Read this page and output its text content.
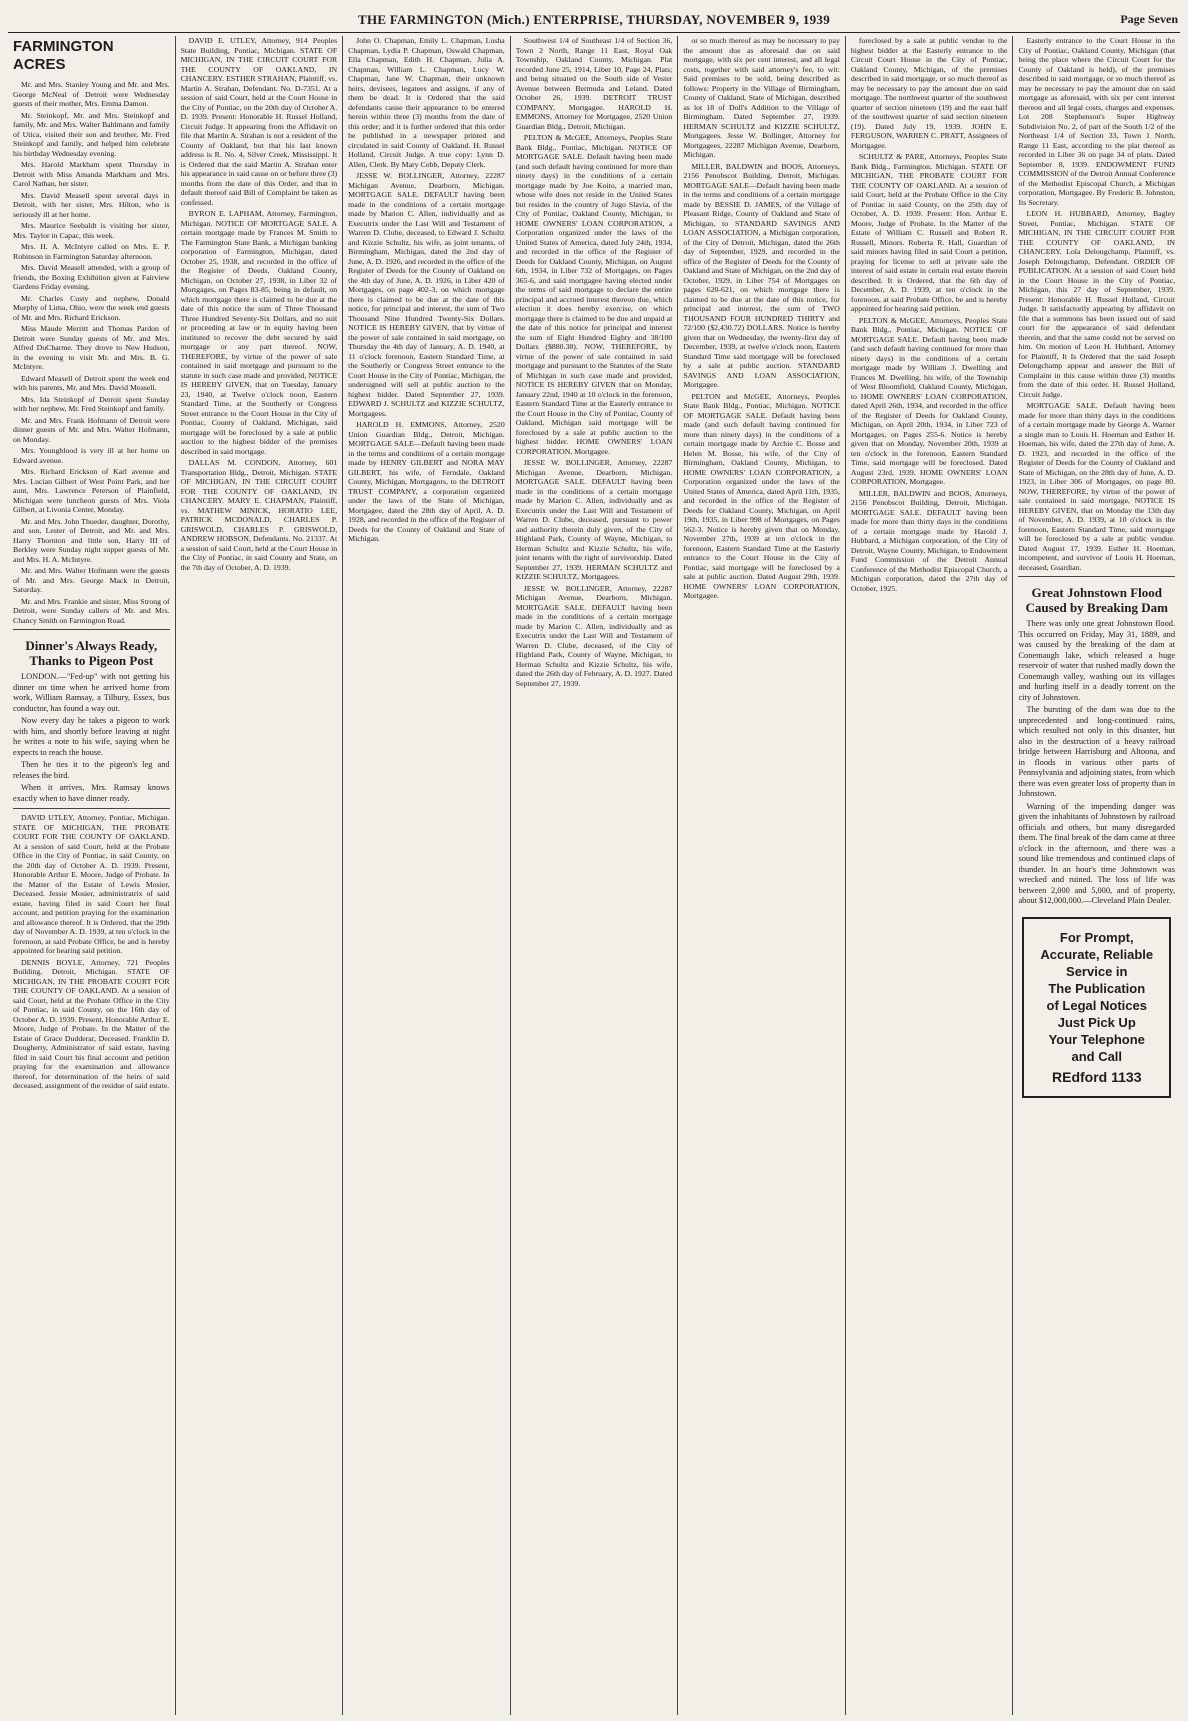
THE FARMINGTON (Mich.) ENTERPRISE, THURSDAY, NOVEMBER 9, 1939	Page Seven
FARMINGTON ACRES

Mr. and Mrs. Stanley Young and Mr. and Mrs. George McNeal of Detroit were Wednesday guests of their mother, Mrs. Emma Damon.

Mr. Steinkopf, Mr. and Mrs. Steinkopf and family, Mr. and Mrs. Walter Bahlmann and family of Utica, visited their son and brother, Mr. Fred Steinkopf and family, and helped him celebrate his birthday Wednesday evening.

Mrs. Harold Markham spent Thursday in Detroit with Miss Amanda Markham and Mrs. Carol Nathan, her sister.

Mrs. David Measell spent several days in Detroit, with her sister, Mrs. Hilton, who is seriously ill at her home.

Mrs. Maurice Seebaldt is visiting her sister, Mrs. Taylor in Capac, this week.

Mrs. H. A. McIntyre called on Mrs. E. P. Robinson in Farmington Saturday afternoon.

Mrs. David Measell attended, with a group of friends, the Boxing Exhibition given at Fairview Gardens Friday evening.

Mr. Charles Custy and nephew, Donald Murphy of Lima, Ohio, were the week end guests of Mr. and Mrs. Richard Erickson.

Miss Maude Merritt and Thomas Pardon of Detroit were Sunday guests of Mr. and Mrs. Alfred DuCharme. They drove to New Hudson, in the evening to visit Mr. and Mrs. B. G. McIntyre.

Edward Measell of Detroit spent the week end with his parents, Mr. and Mrs. David Measell.

Mrs. Ida Steinkopf of Detroit spent Sunday with her nephew, Mr. Fred Steinkopf and family.

Mr. and Mrs. Frank Hofmann of Detroit were dinner guests of Mr. and Mrs. Walter Hofmann, on Monday.

Mrs. Youngblood is very ill at her home on Edward avenue.

Mrs. Richard Erickson of Karl avenue and Mrs. Lucian Gilbert of West Point Park, and her aunt, Mrs. Lawrence Peterson of Plainfield, Michigan were luncheon guests of Mrs. Viola Gilbert, at Livonia Center, Monday.

Mr. and Mrs. John Thueder, daughter, Dorothy, and son, Lester of Detroit, and Mr. and Mrs. Harry Thornton and little son, Harry III of Berkley were Sunday night supper guests of Mr. and Mrs. H. A. McIntyre.

Mr. and Mrs. Walter Hofmann were the guests of Mr. and Mrs. George Mack in Detroit, Saturday.

Mr. and Mrs. Frankie and sister, Miss Strong of Detroit, were Sunday callers of Mr. and Mrs. Chancy Smith on Farmington Road.

Dinner's Always Ready, Thanks to Pigeon Post

LONDON.—"Fed-up" with not getting his dinner on time when he arrived home from work, William Ramsay, a Tilbury, Essex, bus conductor, has found a way out.

Now every day he takes a pigeon to work with him, and shortly before leaving at night he writes a note to his wife, saying when he expects to reach the house.

Then he ties it to the pigeon's leg and releases the bird.

When it arrives, Mrs. Ramsay knows exactly when to have dinner ready.

DAVID UTLEY, Attorney, Pontiac, Michigan. STATE OF MICHIGAN, THE PROBATE COURT FOR THE COUNTY OF OAKLAND. At a session of said Court, held at the Probate Office in the City of Pontiac, in said County, on the 20th day of October A. D. 1939. Present, Honorable Arthur E. Moore, Judge of Probate. In the Matter of the Estate of Lewis Mosier, Deceased. Jessie Mosier, administratrix of said estate, having filed in said Court her final account, and petition praying for the examination and allowance thereof. It is Ordered, that the 29th day of November A. D. 1939, at ten o'clock in the forenoon, at said Probate Office, be and is hereby appointed for hearing said petition.

DENNIS BOYLE, Attorney, 721 Peoples Building, Detroit, Michigan. STATE OF MICHIGAN, IN THE PROBATE COURT FOR THE COUNTY OF OAKLAND. At a session of said Court, held at the Probate Office in the City of Pontiac, in said County, on the 16th day of October A. D. 1939. Present, Honorable Arthur E. Moore, Judge of Probate. In the Matter of the Estate of Grace Dudderar, Deceased. Franklin D. Dougherty, Administrator of said estate, having filed in said Court his final account and petition praying for the examination and allowance thereof, for determination of the heirs of said deceased, assignment of the residue of said estate.

DAVID E. UTLEY, Attorney, 914 Peoples State Building, Pontiac, Michigan. STATE OF MICHIGAN, IN THE CIRCUIT COURT FOR THE COUNTY OF OAKLAND, IN CHANCERY. ESTHER STRAHAN, Plaintiff, vs. Martin A. Strahan, Defendant. No. D-7351. At a session of said Court, held at the Court House in the City of Pontiac, on the 20th day of October A. D. 1939. Present: Honorable H. Russel Holland, Circuit Judge. It appearing from the Affidavit on file that Martin A. Strahan is not a resident of the County of Oakland, but that his last known address is R. No. 4, Silver Creek, Mississippi. It is Ordered that the said Martin A. Strahan enter his appearance in said cause on or before three (3) months from the date of this Order, and that in default thereof said Bill of Complaint be taken as confessed.

BYRON E. LAPHAM, Attorney, Farmington, Michigan. NOTICE OF MORTGAGE SALE. A certain mortgage made by Frances M. Smith to The Farmington State Bank, a Michigan banking corporation of Farmington, Michigan, dated October 25, 1938, and recorded in the office of the Register of Deeds, Oakland County, Michigan, on October 27, 1938, in Liber 32 of Mortgages, on Pages 83-85, being in default, on which mortgage there is claimed to be due at the date of this notice the sum of Three Thousand Three Hundred Seventy-Six Dollars, and no suit or proceeding at law or in equity having been instituted to recover the debt secured by said mortgage or any part thereof. NOW, THEREFORE, by virtue of the power of sale contained in said mortgage and pursuant to the statute in such case made and provided, NOTICE IS HEREBY GIVEN, that on Tuesday, January 23, 1940, at Twelve o'clock noon, Eastern Standard Time, at the Southerly or Congress Street entrance to the Court House in the City of Pontiac, County of Oakland, Michigan, said mortgage will be foreclosed by a sale at public auction to the highest bidder of the premises described in said mortgage.

DALLAS M. CONDON, Attorney, 601 Transportation Bldg., Detroit, Michigan. STATE OF MICHIGAN, IN THE CIRCUIT COURT FOR THE COUNTY OF OAKLAND, IN CHANCERY. MARY E. CHAPMAN, Plaintiff, vs. MATHEW MINICK, HORATIO LEE, PATRICK MCDONALD, CHARLES P. GRISWOLD, CHARLES P. GRISWOLD, ANDREW HOBSON, Defendants. No. 21337. At a session of said Court, held at the Court House in the City of Pontiac, in said County and State, on the 7th day of October, A. D. 1939.

John O. Chapman, Emily L. Chapman, Lusha Chapman, Lydia P. Chapman, Oswald Chapman, Ella Chapman, Edith H. Chapman, Julia A. Chapman, William L. Chapman, Lucy W. Chapman, Jane W. Chapman, their unknown heirs, devisees, legatees and assigns, if any of them be dead. It is Ordered that the said defendants cause their appearance to be entered herein within three (3) months from the date of this order; and it is further ordered that this order be published in a newspaper printed and circulated in said County of Oakland. H. Russel Holland, Circuit Judge. A true copy: Lynn D. Allen, Clerk. By Mary Cobb, Deputy Clerk.

JESSE W. BOLLINGER, Attorney, 22287 Michigan Avenue, Dearborn, Michigan. MORTGAGE SALE. DEFAULT having been made in the conditions of a certain mortgage made by Marion C. Allen, individually and as Executrix under the Last Will and Testament of Warren D. Clube, deceased, to Edward J. Schultz and Kizzie Schultz, his wife, as joint tenants, of Birmingham, Michigan, dated the 2nd day of June, A. D. 1926, and recorded in the office of the Register of Deeds for the County of Oakland on the 4th day of June, A. D. 1926, in Liber 420 of Mortgages, on page 402-3, on which mortgage there is claimed to be due at the date of this notice, for principal and interest, the sum of Two Thousand Nine Hundred Twenty-Six Dollars. NOTICE IS HEREBY GIVEN, that by virtue of the power of sale contained in said mortgage, on Thursday the 4th day of January, A. D. 1940, at 11 o'clock forenoon, Eastern Standard Time, at the Southerly or Congress Street entrance to the Court House in the City of Pontiac, Michigan, the undersigned will sell at public auction to the highest bidder. Dated September 27, 1939. EDWARD J. SCHULTZ and KIZZIE SCHULTZ, Mortgagees.

HAROLD H. EMMONS, Attorney, 2520 Union Guardian Bldg., Detroit, Michigan. MORTGAGE SALE—Default having been made in the terms and conditions of a certain mortgage made by HENRY GILBERT and NORA MAY GILBERT, his wife, of Ferndale, Oakland County, Michigan, Mortgagors, to the DETROIT TRUST COMPANY, a corporation organized under the laws of the State of Michigan, Mortgagee, dated the 28th day of April, A. D. 1928, and recorded in the office of the Register of Deeds for the County of Oakland and State of Michigan.

Southwest 1/4 of Southeast 1/4 of Section 36, Town 2 North, Range 11 East, Royal Oak Township, Oakland County, Michigan. Plat recorded June 25, 1914, Liber 10, Page 24, Plats; and being situated on the South side of Vester Avenue between Bermuda and Leland. Dated October 26, 1939. DETROIT TRUST COMPANY, Mortgagee. HAROLD H. EMMONS, Attorney for Mortgagee, 2520 Union Guardian Bldg., Detroit, Michigan.

PELTON & McGEE, Attorneys, Peoples State Bank Bldg., Pontiac, Michigan. NOTICE OF MORTGAGE SALE. Default having been made (and such default having continued for more than ninety days) in the conditions of a certain mortgage made by Joe Koito, a married man, whose wife does not reside in the United States but resides in the country of Jugo Slavia, of the City of Pontiac, Oakland County, Michigan, to HOME OWNERS' LOAN CORPORATION, a Corporation organized under the laws of the United States of America, dated July 24th, 1934, and recorded in the office of the Register of Deeds for Oakland County, Michigan, on August 6th, 1934, in Liber 732 of Mortgages, on Pages 365-6, and said mortgagee having elected under the terms of said mortgage to declare the entire principal and accrued interest thereon due, which election it does hereby exercise, on which mortgage there is claimed to be due and unpaid at the date of this notice for principal and interest the sum of Eight Hundred Eighty and 38/100 Dollars ($880.38). NOW, THEREFORE, by virtue of the power of sale contained in said mortgage and pursuant to the Statutes of the State of Michigan in such case made and provided, NOTICE IS HEREBY GIVEN that on Monday, January 22nd, 1940 at 10 o'clock in the forenoon, Eastern Standard Time at the Easterly entrance to the Court House in the City of Pontiac, County of Oakland, Michigan said mortgage will be foreclosed by a sale at public auction to the highest bidder. HOME OWNERS' LOAN CORPORATION, Mortgagee.

JESSE W. BOLLINGER, Attorney, 22287 Michigan Avenue, Dearborn, Michigan. MORTGAGE SALE. DEFAULT having been made in the conditions of a certain mortgage made by Marion C. Allen, individually and as Executrix under the Last Will and Testament of Warren D. Clube, deceased, pursuant to power and authority therein duly given, of the City of Highland Park, County of Wayne, Michigan, to Herman Schultz and Kizzie Schultz, his wife, joint tenants with the right of survivorship. Dated September 27, 1939. HERMAN SCHULTZ and KIZZIE SCHULTZ, Mortgagees.

JESSE W. BOLLINGER, Attorney, 22287 Michigan Avenue, Dearborn, Michigan. MORTGAGE SALE. DEFAULT having been made in the conditions of a certain mortgage made by Marion C. Allen, individually and as Executrix under the Last Will and Testament of Warren D. Clube, deceased, of the City of Highland Park, County of Wayne, Michigan, to Herman Schultz and Kizzie Schultz, his wife, dated the 26th day of February, A. D. 1927. Dated September 27, 1939.

or so much thereof as may be necessary to pay the amount due as aforesaid due on said mortgage, with six per cent interest, and all legal costs, together with said attorney's fee, to wit: Said premises to be sold, being described as follows: Property in the Village of Birmingham, County of Oakland, State of Michigan, described as lot 18 of Doll's Addition to the Village of Birmingham. Dated September 27, 1939. HERMAN SCHULTZ and KIZZIE SCHULTZ, Mortgagees. Jesse W. Bollinger, Attorney for Mortgagees, 22287 Michigan Avenue, Dearborn, Michigan.

MILLER, BALDWIN and BOOS, Attorneys, 2156 Penobscot Building, Detroit, Michigan. MORTGAGE SALE—Default having been made in the terms and conditions of a certain mortgage made by BESSIE D. JAMES, of the Village of Pleasant Ridge, County of Oakland and State of Michigan, to STANDARD SAVINGS AND LOAN ASSOCIATION, a Michigan corporation, of the City of Detroit, Michigan, dated the 26th day of September, 1929, and recorded in the office of the Register of Deeds for the County of Oakland and State of Michigan, on the 2nd day of October, 1929, in Liber 754 of Mortgages on pages 620-621, on which mortgage there is claimed to be due at the date of this notice, for principal and interest, the sum of TWO THOUSAND FOUR HUNDRED THIRTY and 72/100 ($2,430.72) DOLLARS. Notice is hereby given that on Wednesday, the twenty-first day of December, 1939, at twelve o'clock noon, Eastern Standard Time said mortgage will be foreclosed by a sale at public auction. STANDARD SAVINGS AND LOAN ASSOCIATION, Mortgagee.

PELTON and McGEE, Attorneys, Peoples State Bank Bldg., Pontiac, Michigan. NOTICE OF MORTGAGE SALE. Default having been made (and such default having continued for more than ninety days) in the conditions of a certain mortgage made by Archie C. Bosse and Helen M. Bosse, his wife, of the City of Birmingham, Oakland County, Michigan, to HOME OWNERS' LOAN CORPORATION, a Corporation organized under the laws of the United States of America, dated April 11th, 1935, and recorded in the office of the Register of Deeds for Oakland County, Michigan, on April 19th, 1935, in Liber 998 of Mortgages, on Pages 562-3. Notice is hereby given that on Monday, November 27th, 1939 at ten o'clock in the forenoon, Eastern Standard Time at the Easterly entrance to the Court House in the City of Pontiac, said mortgage will be foreclosed by a sale at public auction. Dated August 29th, 1939. HOME OWNERS' LOAN CORPORATION, Mortgagee.

foreclosed by a sale at public vendue to the highest bidder at the Easterly entrance to the Circuit Court House in the City of Pontiac, Oakland County, Michigan, of the premises described in said mortgage, or so much thereof as may be necessary to pay the amount due on said mortgage. The northwest quarter of the southwest quarter of section nineteen (19) and the east half of the southwest quarter of said section nineteen (19). Dated July 19, 1939. JOHN E. FERGUSON, WARREN C. PRATT, Assignees of Mortgagee.

SCHULTZ & PARE, Attorneys, Peoples State Bank Bldg., Farmington, Michigan. STATE OF MICHIGAN, THE PROBATE COURT FOR THE COUNTY OF OAKLAND. At a session of said Court, held at the Probate Office in the City of Pontiac in said County, on the 25th day of October, A. D. 1939. Present: Hon. Arthur E. Moore, Judge of Probate. In the Matter of the Estate of William C. Russell and Robert R. Russell, Minors. Roberta R. Hall, Guardian of said minors having filed in said Court a petition, praying for license to sell at private sale the interest of said estate in certain real estate therein described. It is Ordered, that the 6th day of December, A. D. 1939, at ten o'clock in the forenoon, at said Probate Office, be and is hereby appointed for hearing said petition.

PELTON & McGEE, Attorneys, Peoples State Bank Bldg., Pontiac, Michigan. NOTICE OF MORTGAGE SALE. Default having been made (and such default having continued for more than ninety days) in the conditions of a certain mortgage made by William J. Dwelling and Frances M. Dwelling, his wife, of the Township of West Bloomfield, Oakland County, Michigan, to HOME OWNERS' LOAN CORPORATION, dated April 26th, 1934, and recorded in the office of the Register of Deeds for Oakland County, Michigan, on April 20th, 1934, in Liber 723 of Mortgages, on Pages 255-6. Notice is hereby given that on Monday, November 20th, 1939 at ten o'clock in the forenoon, Eastern Standard Time, said mortgage will be foreclosed. Dated August 23rd, 1939. HOME OWNERS' LOAN CORPORATION, Mortgagee.

MILLER, BALDWIN and BOOS, Attorneys, 2156 Penobscot Building, Detroit, Michigan. MORTGAGE SALE. DEFAULT having been made for more than thirty days in the conditions of a certain mortgage made by Harold J. Hubbard, a Michigan corporation, of the City of Detroit, Wayne County, Michigan, to Endowment Fund Commission of the Detroit Annual Conference of the Methodist Episcopal Church, a Michigan corporation, dated the 27th day of October, 1925.

Easterly entrance to the Court House in the City of Pontiac, Oakland County, Michigan (that being the place where the Circuit Court for the County of Oakland is held), of the premises described in said mortgage, or so much thereof as may be necessary to pay the amount due on said mortgage as aforesaid, with six per cent interest thereon and all legal costs, charges and expenses. Lot 208 Stephenson's Super Highway Subdivision No. 2, of part of the South 1/2 of the Northeast 1/4 of Section 33, Town 1 North, Range 11 East, according to the plat thereof as recorded in Liber 36 on page 34 of plats. Dated September 8, 1939. ENDOWMENT FUND COMMISSION of the Detroit Annual Conference of the Methodist Episcopal Church, a Michigan corporation, Mortgagee. By Frederic B. Johnston, Its Secretary.

LEON H. HUBBARD, Attorney, Bagley Street, Pontiac, Michigan. STATE OF MICHIGAN, IN THE CIRCUIT COURT FOR THE COUNTY OF OAKLAND, IN CHANCERY. Lola Delongchamp, Plaintiff, vs. Joseph Delongchamp, Defendant. ORDER OF PUBLICATION. At a session of said Court held in the Court House in the City of Pontiac, Michigan, this 27 day of September, 1939. Present: Honorable H. Russel Holland, Circuit Judge. It satisfactorily appearing by affidavit on file that a summons has been issued out of said court for the appearance of said defendant therein, and that the same could not be served on him. On motion of Leon H. Hubbard, Attorney for Plaintiff, It Is Ordered that the said Joseph Delongchamp appear and answer the Bill of Complaint in this cause within three (3) months from the date of this order. H. Russel Holland, Circuit Judge.

MORTGAGE SALE. Default having been made for more than thirty days in the conditions of a certain mortgage made by George A. Warner a single man to Louis H. Hoeman and Esther H. Hoeman, his wife, dated the 27th day of June, A. D. 1923, and recorded in the office of the Register of Deeds for the County of Oakland and State of Michigan, on the 28th day of June, A. D. 1923, in Liber 306 of Mortgages, on page 80. NOW, THEREFORE, by virtue of the power of sale contained in said mortgage, NOTICE IS HEREBY GIVEN, that on Monday the 13th day of November, A. D. 1939, at 10 o'clock in the forenoon, Eastern Standard Time, said mortgage will be foreclosed by a sale at public vendue. Dated August 17, 1939. Esther H. Hoeman, incompetent, and survivor of Louis H. Hoeman, deceased, Guardian.

Great Johnstown Flood Caused by Breaking Dam

There was only one great Johnstown flood. This occurred on Friday, May 31, 1889, and was caused by the breaking of the dam at Conemaugh lake, which released a huge reservoir of water that rushed madly down the Conemaugh valley, washing out its villages and hurling itself in a deadly torrent on the city of Johnstown.

The bursting of the dam was due to the unprecedented and long-continued rains, which resulted not only in this disaster, but also in the destruction of a heavy railroad bridge between Harrisburg and Altoona, and in floods in various other parts of Pennsylvania and adjoining states, from which there was even greater loss of property than in Johnstown.

Warning of the impending danger was given the inhabitants of Johnstown by railroad officials and others, but many disregarded them. The final break of the dam came at three o'clock in the afternoon, and there was a sound like tremendous and continued claps of thunder. In an hour's time Johnstown was wrecked and ruined. The loss of life was between 2,000 and 5,000, and of property, about $12,000,000.—Cleveland Plain Dealer.

For Prompt,
Accurate, Reliable
Service in
The Publication
of Legal Notices
Just Pick Up
Your Telephone
and Call
REdford 1133
